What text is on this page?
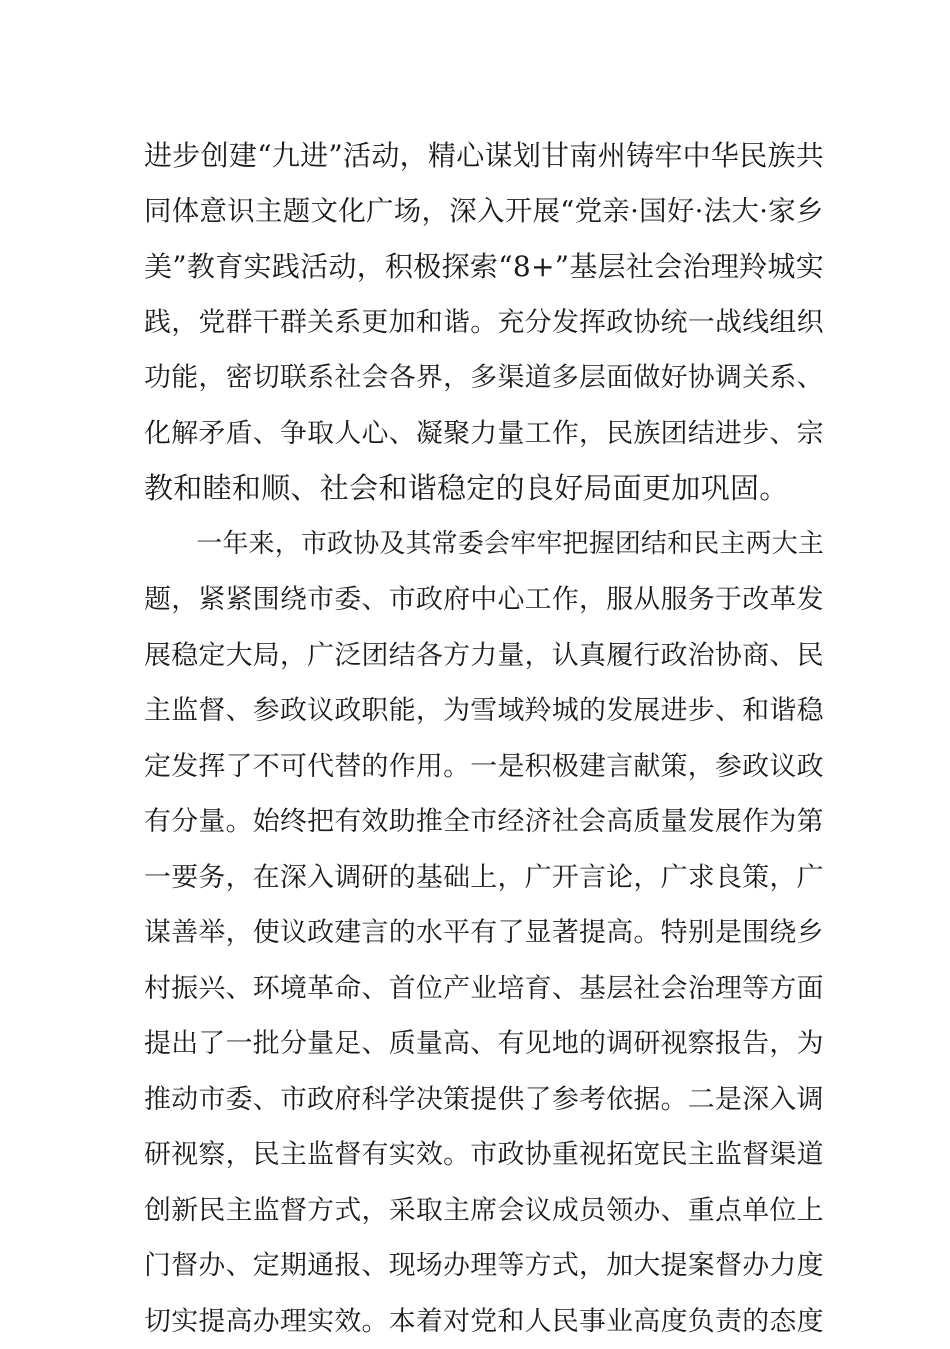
进步创建“九进”活动，精心谋划甘南州铸牢中华民族共
同体意识主题文化广场，深入开展“党亲·国好·法大·家乡
美”教育实践活动，积极探索“8+”基层社会治理羚城实
践，党群干群关系更加和谐。充分发挥政协统一战线组织
功能，密切联系社会各界，多渠道多层面做好协调关系、
化解矛盾、争取人心、凝聚力量工作，民族团结进步、宗
教和睦和顺、社会和谐稳定的良好局面更加巩固。
　　一年来，市政协及其常委会牢牢把握团结和民主两大主
题，紧紧围绕市委、市政府中心工作，服从服务于改革发
展稳定大局，广泛团结各方力量，认真履行政治协商、民
主监督、参政议政职能，为雪域羚城的发展进步、和谐稳
定发挥了不可代替的作用。一是积极建言献策，参政议政
有分量。始终把有效助推全市经济社会高质量发展作为第
一要务，在深入调研的基础上，广开言论，广求良策，广
谋善举，使议政建言的水平有了显著提高。特别是围绕乡
村振兴、环境革命、首位产业培育、基层社会治理等方面
提出了一批分量足、质量高、有见地的调研视察报告，为
推动市委、市政府科学决策提供了参考依据。二是深入调
研视察，民主监督有实效。市政协重视拓宽民主监督渠道
创新民主监督方式，采取主席会议成员领办、重点单位上
门督办、定期通报、现场办理等方式，加大提案督办力度
切实提高办理实效。本着对党和人民事业高度负责的态度
